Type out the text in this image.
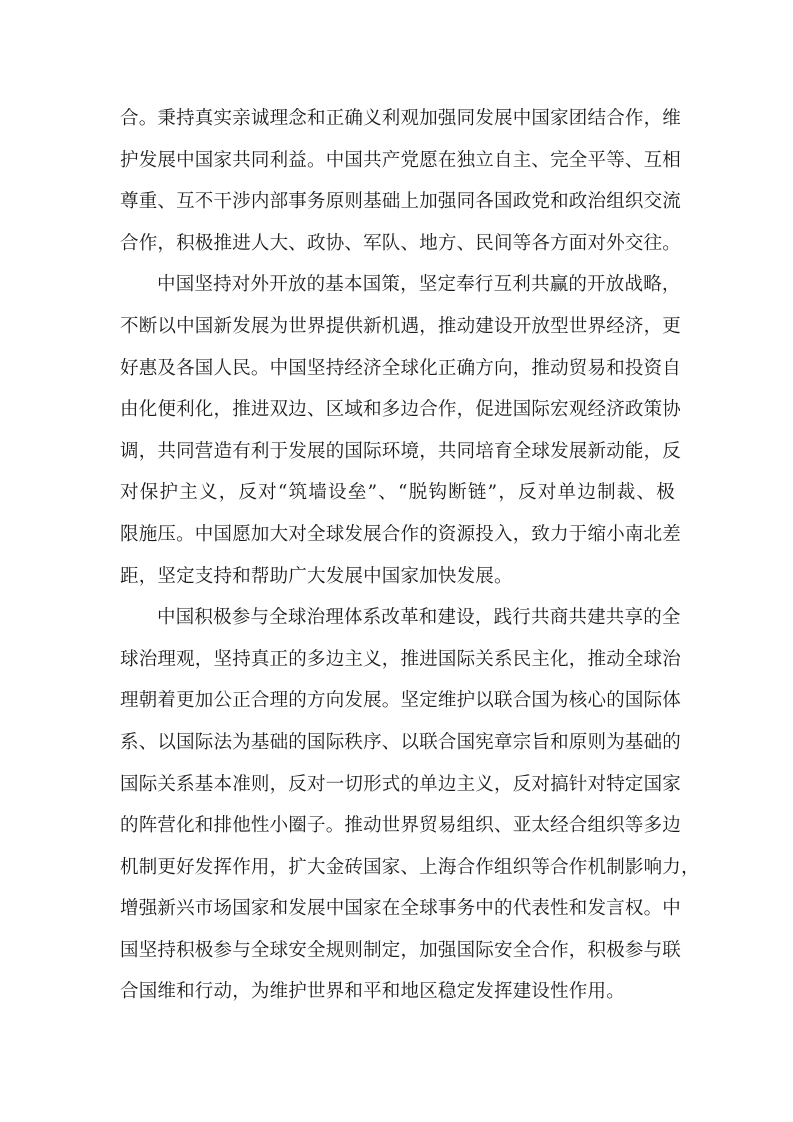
合。秉持真实亲诚理念和正确义利观加强同发展中国家团结合作，维
护发展中国家共同利益。中国共产党愿在独立自主、完全平等、互相
尊重、互不干涉内部事务原则基础上加强同各国政党和政治组织交流
合作，积极推进人大、政协、军队、地方、民间等各方面对外交往。
中国坚持对外开放的基本国策，坚定奉行互利共赢的开放战略，
不断以中国新发展为世界提供新机遇，推动建设开放型世界经济，更
好惠及各国人民。中国坚持经济全球化正确方向，推动贸易和投资自
由化便利化，推进双边、区域和多边合作，促进国际宏观经济政策协
调，共同营造有利于发展的国际环境，共同培育全球发展新动能，反
对保护主义，反对“筑墙设垒”、“脱钩断链”，反对单边制裁、极
限施压。中国愿加大对全球发展合作的资源投入，致力于缩小南北差
距，坚定支持和帮助广大发展中国家加快发展。
中国积极参与全球治理体系改革和建设，践行共商共建共享的全
球治理观，坚持真正的多边主义，推进国际关系民主化，推动全球治
理朝着更加公正合理的方向发展。坚定维护以联合国为核心的国际体
系、以国际法为基础的国际秩序、以联合国宪章宗旨和原则为基础的
国际关系基本准则，反对一切形式的单边主义，反对搞针对特定国家
的阵营化和排他性小圈子。推动世界贸易组织、亚太经合组织等多边
机制更好发挥作用，扩大金砖国家、上海合作组织等合作机制影响力，
增强新兴市场国家和发展中国家在全球事务中的代表性和发言权。中
国坚持积极参与全球安全规则制定，加强国际安全合作，积极参与联
合国维和行动，为维护世界和平和地区稳定发挥建设性作用。
